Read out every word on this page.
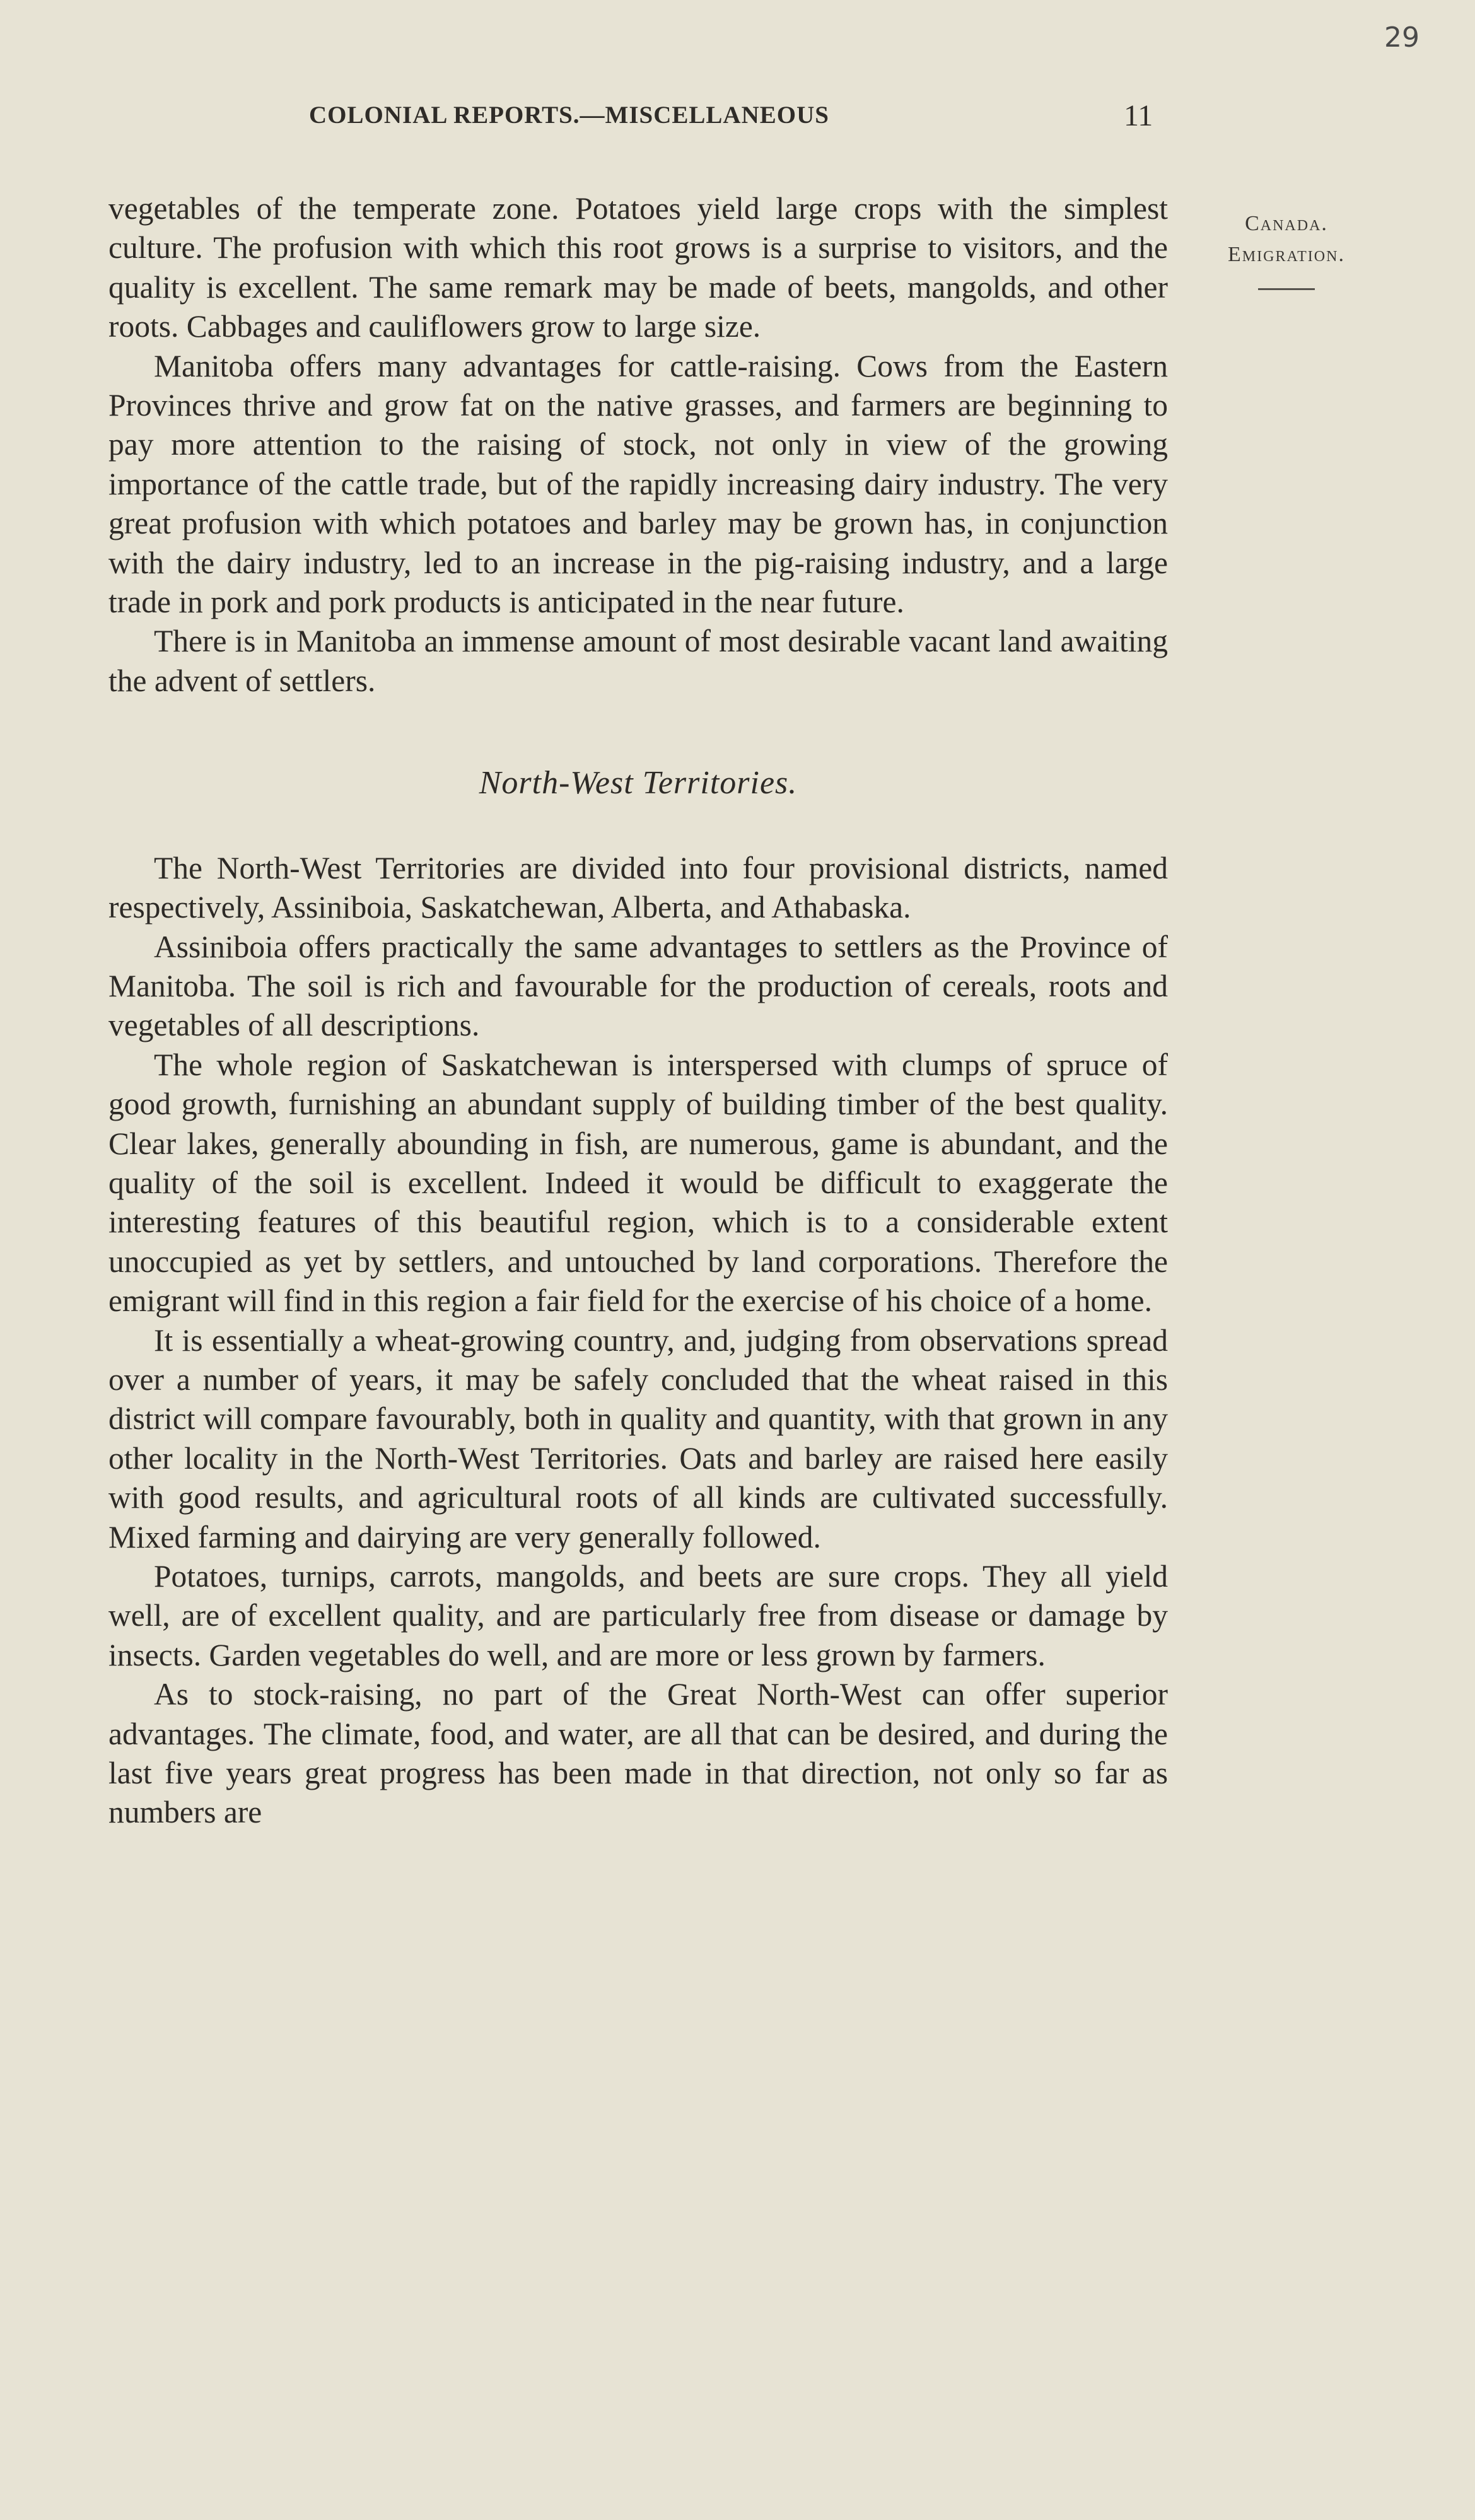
29
COLONIAL REPORTS.—MISCELLANEOUS	11
Canada.
Emigration.

vegetables of the temperate zone. Potatoes yield large crops with the simplest culture. The profusion with which this root grows is a surprise to visitors, and the quality is excellent. The same remark may be made of beets, mangolds, and other roots. Cabbages and cauliflowers grow to large size.

Manitoba offers many advantages for cattle-raising. Cows from the Eastern Provinces thrive and grow fat on the native grasses, and farmers are beginning to pay more attention to the raising of stock, not only in view of the growing importance of the cattle trade, but of the rapidly increasing dairy industry. The very great profusion with which potatoes and barley may be grown has, in conjunction with the dairy industry, led to an increase in the pig-raising industry, and a large trade in pork and pork products is anticipated in the near future.

There is in Manitoba an immense amount of most desirable vacant land awaiting the advent of settlers.

North-West Territories.

The North-West Territories are divided into four provisional districts, named respectively, Assiniboia, Saskatchewan, Alberta, and Athabaska.

Assiniboia offers practically the same advantages to settlers as the Province of Manitoba. The soil is rich and favourable for the production of cereals, roots and vegetables of all descriptions.

The whole region of Saskatchewan is interspersed with clumps of spruce of good growth, furnishing an abundant supply of building timber of the best quality. Clear lakes, generally abounding in fish, are numerous, game is abundant, and the quality of the soil is excellent. Indeed it would be difficult to exaggerate the interesting features of this beautiful region, which is to a considerable extent unoccupied as yet by settlers, and untouched by land corporations. Therefore the emigrant will find in this region a fair field for the exercise of his choice of a home.

It is essentially a wheat-growing country, and, judging from observations spread over a number of years, it may be safely concluded that the wheat raised in this district will compare favourably, both in quality and quantity, with that grown in any other locality in the North-West Territories. Oats and barley are raised here easily with good results, and agricultural roots of all kinds are cultivated successfully. Mixed farming and dairying are very generally followed.

Potatoes, turnips, carrots, mangolds, and beets are sure crops. They all yield well, are of excellent quality, and are particularly free from disease or damage by insects. Garden vegetables do well, and are more or less grown by farmers.

As to stock-raising, no part of the Great North-West can offer superior advantages. The climate, food, and water, are all that can be desired, and during the last five years great progress has been made in that direction, not only so far as numbers are
